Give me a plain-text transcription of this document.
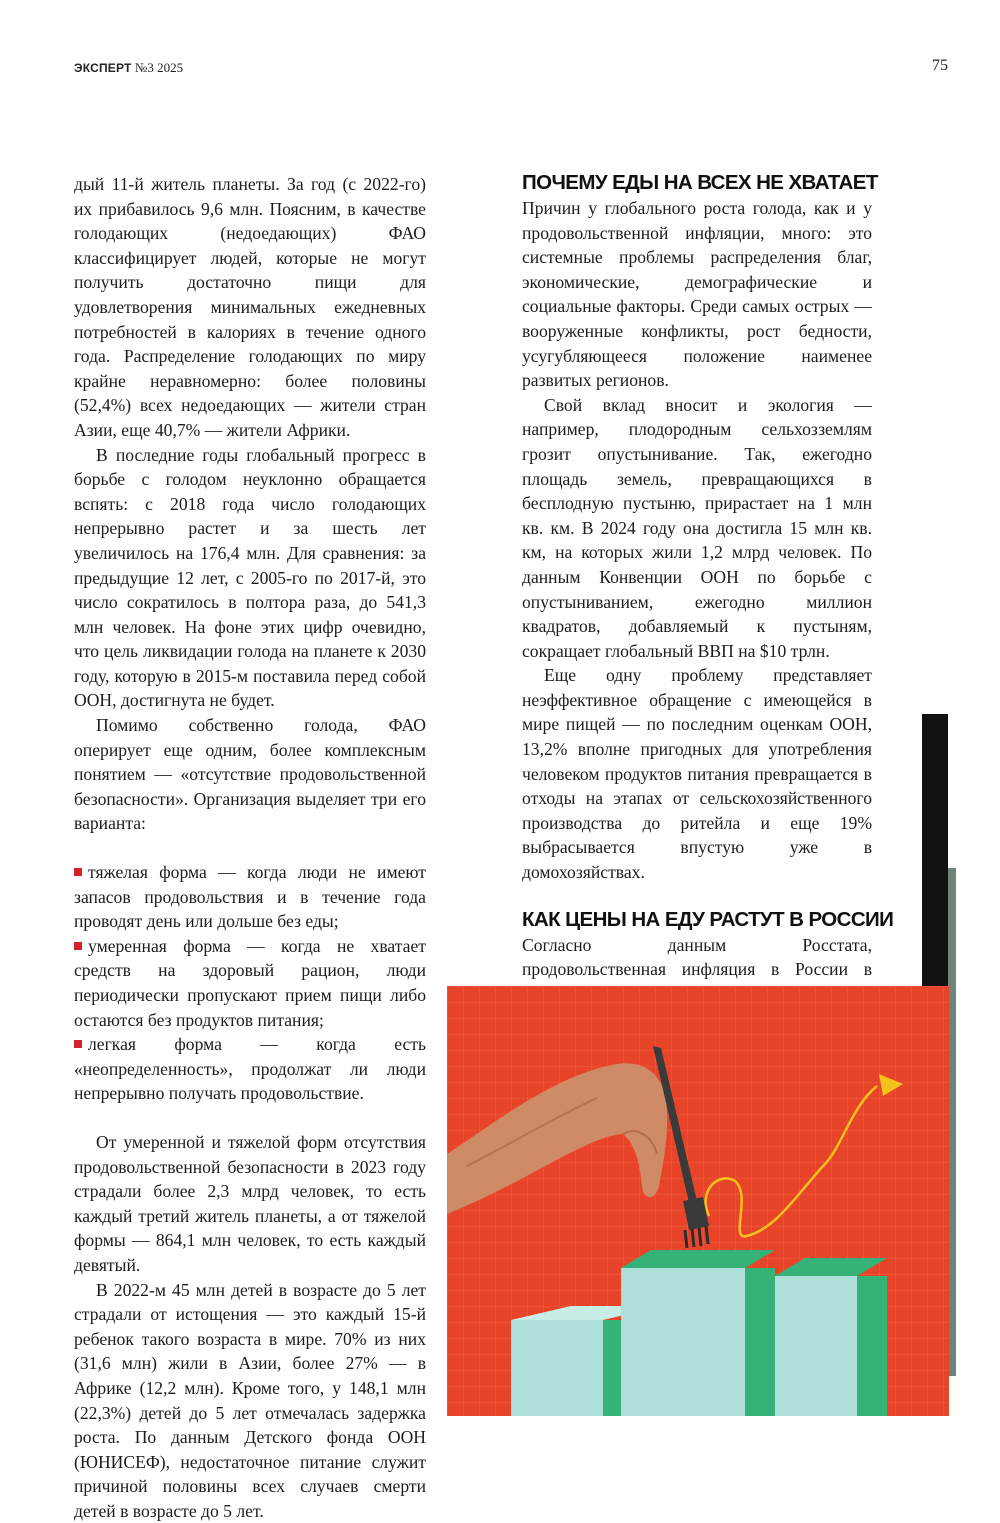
ЭКСПЕРТ №3 2025	75

дый 11-й житель планеты. За год (с 2022-го) их прибавилось 9,6 млн. Поясним, в качестве голодающих (недоедающих) ФАО классифицирует людей, которые не могут получить достаточно пищи для удовлетворения минимальных ежедневных потребностей в калориях в течение одного года. Распределение голодающих по миру крайне неравномерно: более половины (52,4%) всех недоедающих — жители стран Азии, еще 40,7% — жители Африки.

В последние годы глобальный прогресс в борьбе с голодом неуклонно обращается вспять: с 2018 года число голодающих непрерывно растет и за шесть лет увеличилось на 176,4 млн. Для сравнения: за предыдущие 12 лет, с 2005-го по 2017-й, это число сократилось в полтора раза, до 541,3 млн человек. На фоне этих цифр очевидно, что цель ликвидации голода на планете к 2030 году, которую в 2015-м поставила перед собой ООН, достигнута не будет.

Помимо собственно голода, ФАО оперирует еще одним, более комплексным понятием — «отсутствие продовольственной безопасности». Организация выделяет три его варианта:

тяжелая форма — когда люди не имеют запасов продовольствия и в течение года проводят день или дольше без еды;
умеренная форма — когда не хватает средств на здоровый рацион, люди периодически пропускают прием пищи либо остаются без продуктов питания;
легкая форма — когда есть «неопределенность», продолжат ли люди непрерывно получать продовольствие.

От умеренной и тяжелой форм отсутствия продовольственной безопасности в 2023 году страдали более 2,3 млрд человек, то есть каждый третий житель планеты, а от тяжелой формы — 864,1 млн человек, то есть каждый девятый.

В 2022-м 45 млн детей в возрасте до 5 лет страдали от истощения — это каждый 15-й ребенок такого возраста в мире. 70% из них (31,6 млн) жили в Азии, более 27% — в Африке (12,2 млн). Кроме того, у 148,1 млн (22,3%) детей до 5 лет отмечалась задержка роста. По данным Детского фонда ООН (ЮНИСЕФ), недостаточное питание служит причиной половины всех случаев смерти детей в возрасте до 5 лет.

ПОЧЕМУ ЕДЫ НА ВСЕХ НЕ ХВАТАЕТ

Причин у глобального роста голода, как и у продовольственной инфляции, много: это системные проблемы распределения благ, экономические, демографические и социальные факторы. Среди самых острых — вооруженные конфликты, рост бедности, усугубляющееся положение наименее развитых регионов.

Свой вклад вносит и экология — например, плодородным сельхозземлям грозит опустынивание. Так, ежегодно площадь земель, превращающихся в бесплодную пустыню, прирастает на 1 млн кв. км. В 2024 году она достигла 15 млн кв. км, на которых жили 1,2 млрд человек. По данным Конвенции ООН по борьбе с опустыниванием, ежегодно миллион квадратов, добавляемый к пустыням, сокращает глобальный ВВП на $10 трлн.

Еще одну проблему представляет неэффективное обращение с имеющейся в мире пищей — по последним оценкам ООН, 13,2% вполне пригодных для употребления человеком продуктов питания превращается в отходы на этапах от сельскохозяйственного производства до ритейла и еще 19% выбрасывается впустую уже в домохозяйствах.

КАК ЦЕНЫ НА ЕДУ РАСТУТ В РОССИИ

Согласно данным Росстата, продовольственная инфляция в России в
